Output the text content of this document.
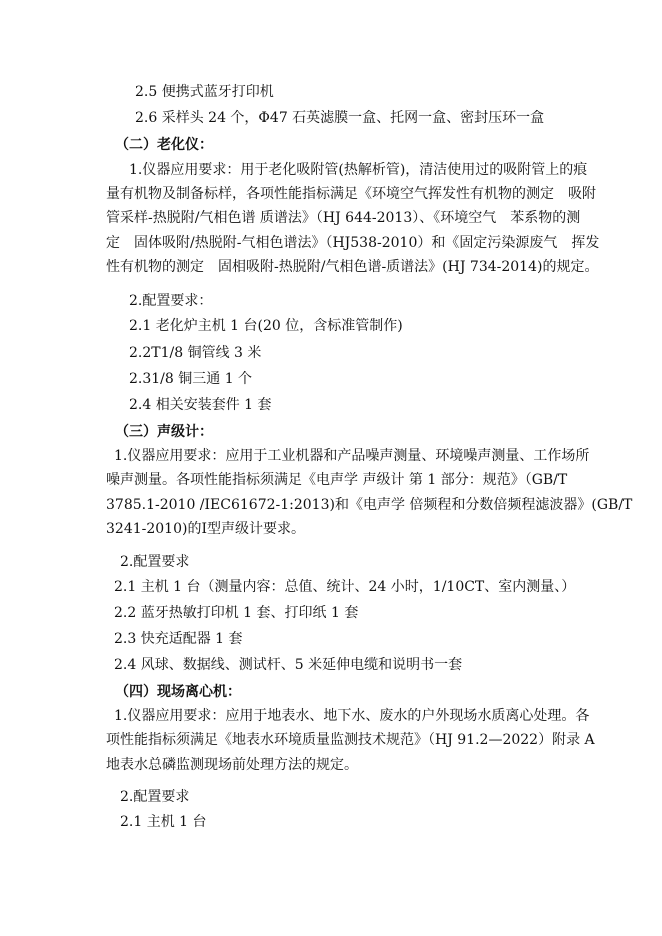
2.5 便携式蓝牙打印机
2.6 采样头 24 个，Φ47 石英滤膜一盒、托网一盒、密封压环一盒
（二）老化仪：
1.仪器应用要求：用于老化吸附管(热解析管)，清洁使用过的吸附管上的痕
量有机物及制备标样，各项性能指标满足《环境空气挥发性有机物的测定　吸附
管采样-热脱附/气相色谱 质谱法》（HJ 644-2013）、《环境空气　苯系物的测
定　固体吸附/热脱附-气相色谱法》（HJ538-2010）和《固定污染源废气　挥发
性有机物的测定　固相吸附-热脱附/气相色谱-质谱法》(HJ 734-2014)的规定。
2.配置要求：
2.1 老化炉主机 1 台(20 位，含标准管制作)
2.2T1/8 铜管线 3 米
2.31/8 铜三通 1 个
2.4 相关安装套件 1 套
（三）声级计：
1.仪器应用要求：应用于工业机器和产品噪声测量、环境噪声测量、工作场所
噪声测量。各项性能指标须满足《电声学 声级计 第 1 部分：规范》（GB/T
3785.1-2010 /IEC61672-1:2013)和《电声学 倍频程和分数倍频程滤波器》(GB/T
3241-2010)的Ⅰ型声级计要求。
2.配置要求
2.1 主机 1 台（测量内容：总值、统计、24 小时，1/10CT、室内测量、）
2.2 蓝牙热敏打印机 1 套、打印纸 1 套
2.3 快充适配器 1 套
2.4 风球、数据线、测试杆、5 米延伸电缆和说明书一套
（四）现场离心机：
1.仪器应用要求：应用于地表水、地下水、废水的户外现场水质离心处理。各
项性能指标须满足《地表水环境质量监测技术规范》（HJ 91.2—2022）附录 A
地表水总磷监测现场前处理方法的规定。
2.配置要求
2.1 主机 1 台
